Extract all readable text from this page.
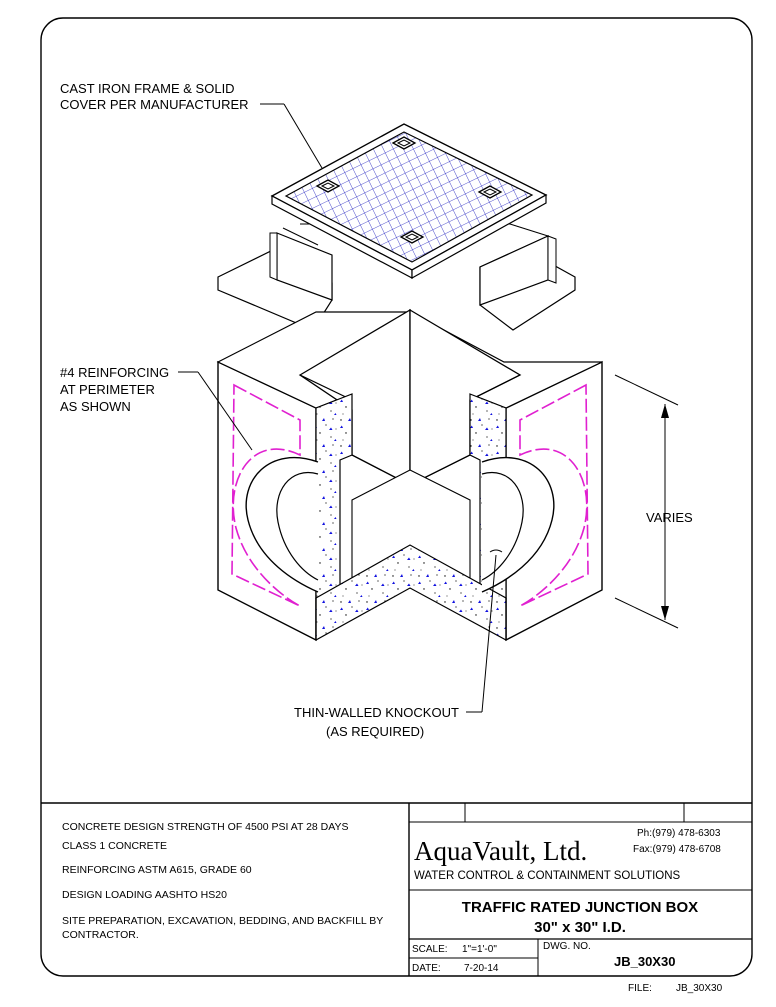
CAST IRON FRAME & SOLID
COVER PER MANUFACTURER
#4 REINFORCING
AT PERIMETER
AS SHOWN
VARIES
THIN-WALLED KNOCKOUT
(AS REQUIRED)
CONCRETE DESIGN STRENGTH OF 4500 PSI AT 28 DAYS
CLASS 1 CONCRETE
REINFORCING ASTM A615, GRADE 60
DESIGN LOADING AASHTO HS20
SITE PREPARATION, EXCAVATION, BEDDING, AND BACKFILL BY
CONTRACTOR.
AquaVault, Ltd.
Ph:(979) 478-6303
Fax:(979) 478-6708
WATER CONTROL & CONTAINMENT SOLUTIONS
TRAFFIC RATED JUNCTION BOX
30" x 30" I.D.
SCALE: 1"=1'-0"
DATE: 7-20-14
DWG. NO.
JB_30X30
FILE: JB_30X30
